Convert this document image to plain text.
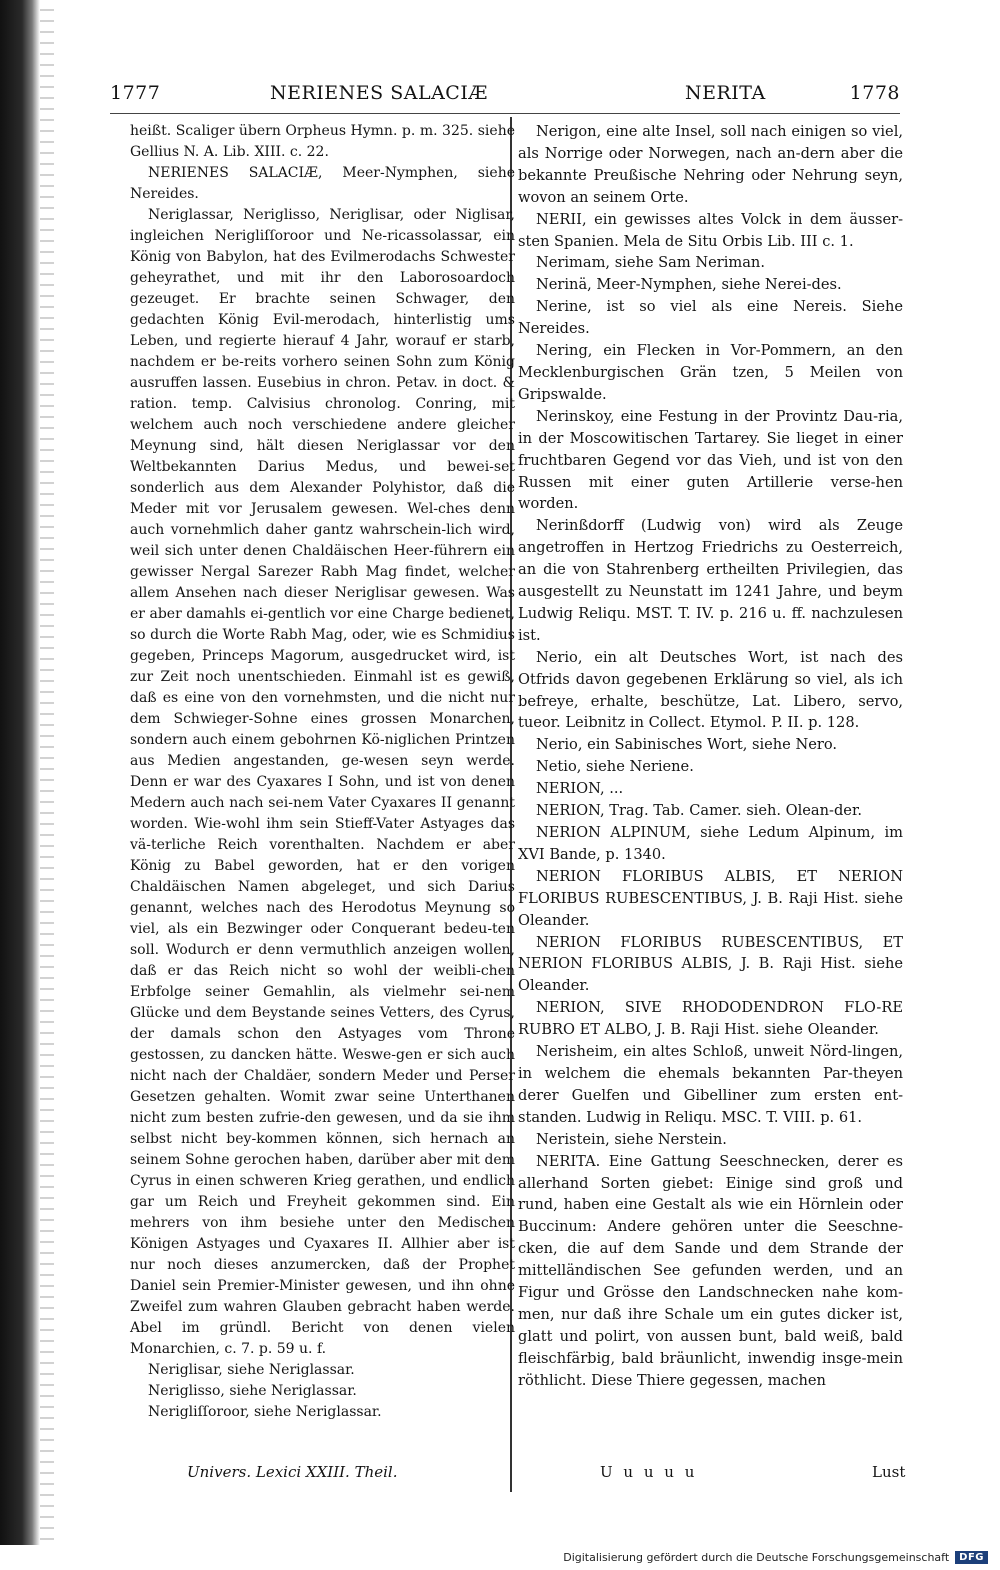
1777	NERIENES SALACIÆ	NERITA	1778

heißt. Scaliger übern Orpheus Hymn. p. m. 325. siehe Gellius N. A. Lib. XIII. c. 22.

NERIENES SALACIÆ, Meer-Nymphen, siehe Nereides.

Neriglassar, Neriglisso, Neriglisar, oder Niglisar, ingleichen Nerigliſſoroor und Ne-ricassolassar, ein König von Babylon, hat des Evilmerodachs Schwester geheyrathet, und mit ihr den Laborosoardoch gezeuget. Er brachte seinen Schwager, den gedachten König Evil-merodach, hinterlistig ums Leben, und regierte hierauf 4 Jahr, worauf er starb, nachdem er be-reits vorhero seinen Sohn zum König ausruffen lassen. Eusebius in chron. Petav. in doct. & ration. temp. Calvisius chronolog. Conring, mit welchem auch noch verschiedene andere gleicher Meynung sind, hält diesen Neriglassar vor den Weltbekannten Darius Medus, und bewei-set sonderlich aus dem Alexander Polyhistor, daß die Meder mit vor Jerusalem gewesen. Wel-ches denn auch vornehmlich daher gantz wahrschein-lich wird, weil sich unter denen Chaldäischen Heer-führern ein gewisser Nergal Sarezer Rabh Mag findet, welcher allem Ansehen nach dieser Neriglisar gewesen. Was er aber damahls ei-gentlich vor eine Charge bedienet, so durch die Worte Rabh Mag, oder, wie es Schmidius gegeben, Princeps Magorum, ausgedrucket wird, ist zur Zeit noch unentschieden. Einmahl ist es gewiß, daß es eine von den vornehmsten, und die nicht nur dem Schwieger-Sohne eines grossen Monarchen, sondern auch einem gebohrnen Kö-niglichen Printzen aus Medien angestanden, ge-wesen seyn werde. Denn er war des Cyaxares I Sohn, und ist von denen Medern auch nach sei-nem Vater Cyaxares II genannt worden. Wie-wohl ihm sein Stieff-Vater Astyages das vä-terliche Reich vorenthalten. Nachdem er aber König zu Babel geworden, hat er den vorigen Chaldäischen Namen abgeleget, und sich Darius genannt, welches nach des Herodotus Meynung so viel, als ein Bezwinger oder Conquerant bedeu-ten soll. Wodurch er denn vermuthlich anzeigen wollen, daß er das Reich nicht so wohl der weibli-chen Erbfolge seiner Gemahlin, als vielmehr sei-nem Glücke und dem Beystande seines Vetters, des Cyrus, der damals schon den Astyages vom Throne gestossen, zu dancken hätte. Weswe-gen er sich auch nicht nach der Chaldäer, sondern Meder und Perser Gesetzen gehalten. Womit zwar seine Unterthanen nicht zum besten zufrie-den gewesen, und da sie ihm selbst nicht bey-kommen können, sich hernach an seinem Sohne gerochen haben, darüber aber mit dem Cyrus in einen schweren Krieg gerathen, und endlich gar um Reich und Freyheit gekommen sind. Ein mehrers von ihm besiehe unter den Medischen Königen Astyages und Cyaxares II. Allhier aber ist nur noch dieses anzumercken, daß der Prophet Daniel sein Premier-Minister gewesen, und ihn ohne Zweifel zum wahren Glauben gebracht haben werde. Abel im gründl. Bericht von denen vielen Monarchien, c. 7. p. 59 u. f.

Neriglisar, siehe Neriglassar.

Neriglisso, siehe Neriglassar.

Nerigliſſoroor, siehe Neriglassar.

Nerigon, eine alte Insel, soll nach einigen so viel, als Norrige oder Norwegen, nach an-dern aber die bekannte Preußische Nehring oder Nehrung seyn, wovon an seinem Orte.

NERII, ein gewisses altes Volck in dem äusser-sten Spanien. Mela de Situ Orbis Lib. III c. 1.

Nerimam, siehe Sam Neriman.

Nerinä, Meer-Nymphen, siehe Nerei-des.

Nerine, ist so viel als eine Nereis. Siehe Nereides.

Nering, ein Flecken in Vor-Pommern, an den Mecklenburgischen Grän tzen, 5 Meilen von Gripswalde.

Nerinskoy, eine Festung in der Provintz Dau-ria, in der Moscowitischen Tartarey. Sie lieget in einer fruchtbaren Gegend vor das Vieh, und ist von den Russen mit einer guten Artillerie verse-hen worden.

Nerinßdorff (Ludwig von) wird als Zeuge angetroffen in Hertzog Friedrichs zu Oesterreich, an die von Stahrenberg ertheilten Privilegien, das ausgestellt zu Neunstatt im 1241 Jahre, und beym Ludwig Reliqu. MST. T. IV. p. 216 u. ff. nachzulesen ist.

Nerio, ein alt Deutsches Wort, ist nach des Otfrids davon gegebenen Erklärung so viel, als ich befreye, erhalte, beschütze, Lat. Libero, servo, tueor. Leibnitz in Collect. Etymol. P. II. p. 128.

Nerio, ein Sabinisches Wort, siehe Nero.

Netio, siehe Neriene.

NERION, ...

NERION, Trag. Tab. Camer. sieh. Olean-der.

NERION ALPINUM, siehe Ledum Alpinum, im XVI Bande, p. 1340.

NERION FLORIBUS ALBIS, ET NERION FLORIBUS RUBESCENTIBUS, J. B. Raji Hist. siehe Oleander.

NERION FLORIBUS RUBESCENTIBUS, ET NERION FLORIBUS ALBIS, J. B. Raji Hist. siehe Oleander.

NERION, SIVE RHODODENDRON FLO-RE RUBRO ET ALBO, J. B. Raji Hist. siehe Oleander.

Nerisheim, ein altes Schloß, unweit Nörd-lingen, in welchem die ehemals bekannten Par-theyen derer Guelfen und Gibelliner zum ersten ent-standen. Ludwig in Reliqu. MSC. T. VIII. p. 61.

Neristein, siehe Nerstein.

NERITA. Eine Gattung Seeschnecken, derer es allerhand Sorten giebet: Einige sind groß und rund, haben eine Gestalt als wie ein Hörnlein oder Buccinum: Andere gehören unter die Seeschne-cken, die auf dem Sande und dem Strande der mittelländischen See gefunden werden, und an Figur und Grösse den Landschnecken nahe kom-men, nur daß ihre Schale um ein gutes dicker ist, glatt und polirt, von aussen bunt, bald weiß, bald fleischfärbig, bald bräunlicht, inwendig insge-mein röthlicht. Diese Thiere gegessen, machen

Univers. Lexici XXIII. Theil.	U u u u u	Lust
Digitalisierung gefördert durch die Deutsche Forschungsgemeinschaft	DFG
